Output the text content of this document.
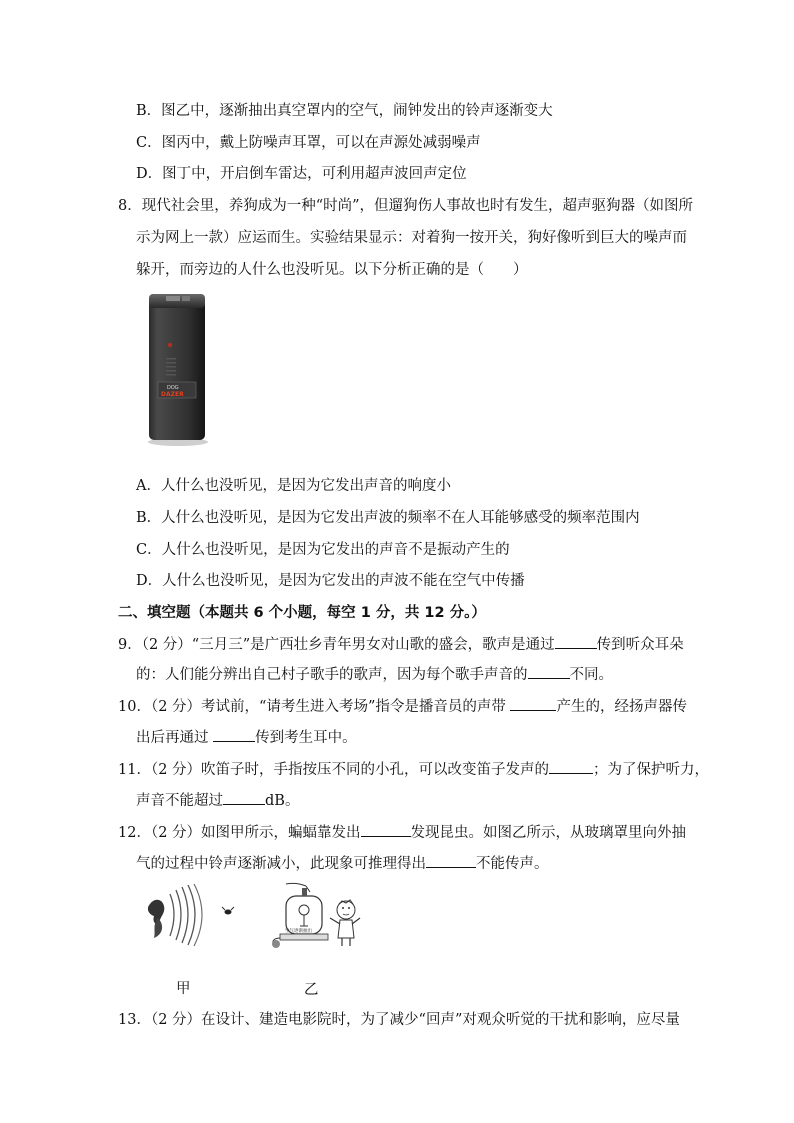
B．图乙中，逐渐抽出真空罩内的空气，闹钟发出的铃声逐渐变大
C．图丙中，戴上防噪声耳罩，可以在声源处减弱噪声
D．图丁中，开启倒车雷达，可利用超声波回声定位
8．现代社会里，养狗成为一种“时尚”，但遛狗伤人事故也时有发生，超声驱狗器（如图所
示为网上一款）应运而生。实验结果显示：对着狗一按开关，狗好像听到巨大的噪声而
躲开，而旁边的人什么也没听见。以下分析正确的是（　　）
DOG
DAZER
A．人什么也没听见，是因为它发出声音的响度小
B．人什么也没听见，是因为它发出声波的频率不在人耳能够感受的频率范围内
C．人什么也没听见，是因为它发出的声音不是振动产生的
D．人什么也没听见，是因为它发出的声波不能在空气中传播
二、填空题（本题共 6 个小题，每空 1 分，共 12 分。）
9．（2 分）“三月三”是广西壮乡青年男女对山歌的盛会，歌声是通过	传到听众耳朵
的：人们能分辨出自己村子歌手的歌声，因为每个歌手声音的	不同。
10．（2 分）考试前，“请考生进入考场”指令是播音员的声带	产生的，经扬声器传
出后再通过	传到考生耳中。
11．（2 分）吹笛子时，手指按压不同的小孔，可以改变笛子发声的	；为了保护听力，
声音不能超过	dB。
12．（2 分）如图甲所示，蝙蝠靠发出	发现昆虫。如图乙所示，从玻璃罩里向外抽
气的过程中铃声逐渐减小，此现象可推理得出	不能传声。
空气逐渐抽出
甲	乙
13．（2 分）在设计、建造电影院时，为了减少“回声”对观众听觉的干扰和影响，应尽量
